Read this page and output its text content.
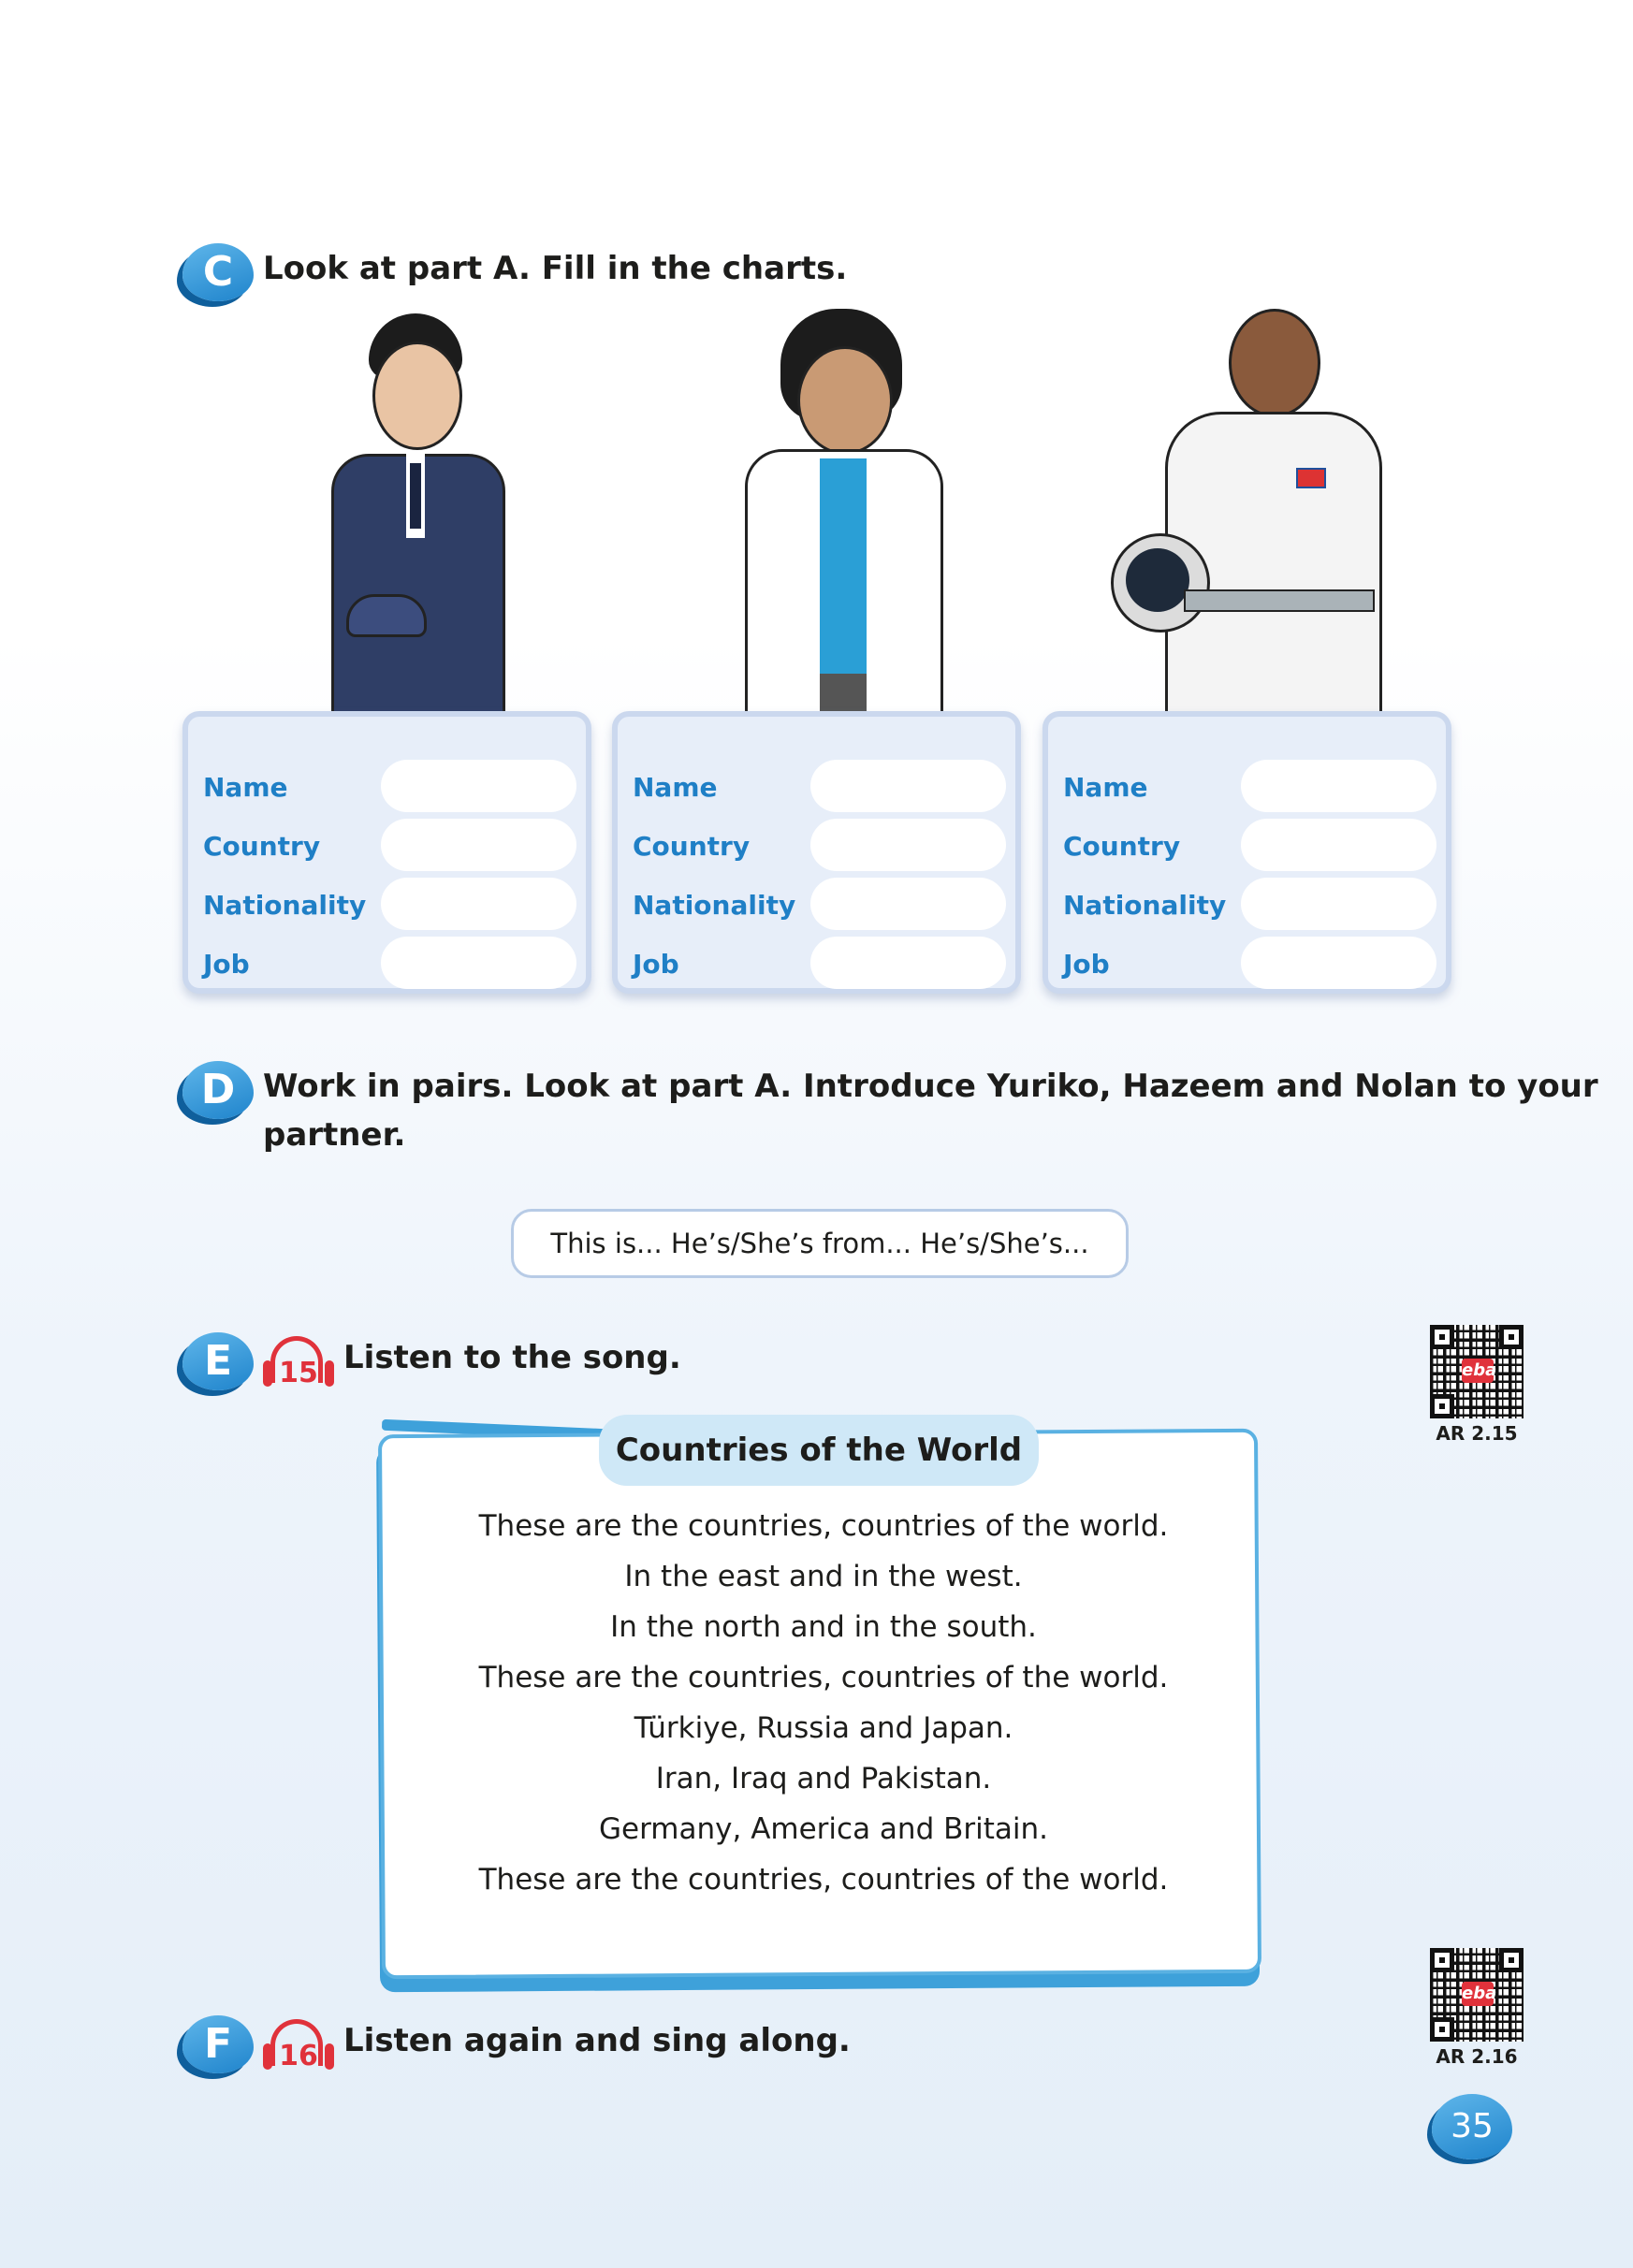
C Look at part A. Fill in the charts.
Name
Country
Nationality
Job
Name
Country
Nationality
Job
Name
Country
Nationality
Job
D Work in pairs. Look at part A. Introduce Yuriko, Hazeem and Nolan to your
partner.
This is... He’s/She’s from... He’s/She’s...
E	15 Listen to the song.	eba
AR 2.15
Countries of the World
These are the countries, countries of the world.
In the east and in the west.
In the north and in the south.
These are the countries, countries of the world.
Türkiye, Russia and Japan.
Iran, Iraq and Pakistan.
Germany, America and Britain.
These are the countries, countries of the world.
F	16 Listen again and sing along.
eba
AR 2.16
35
